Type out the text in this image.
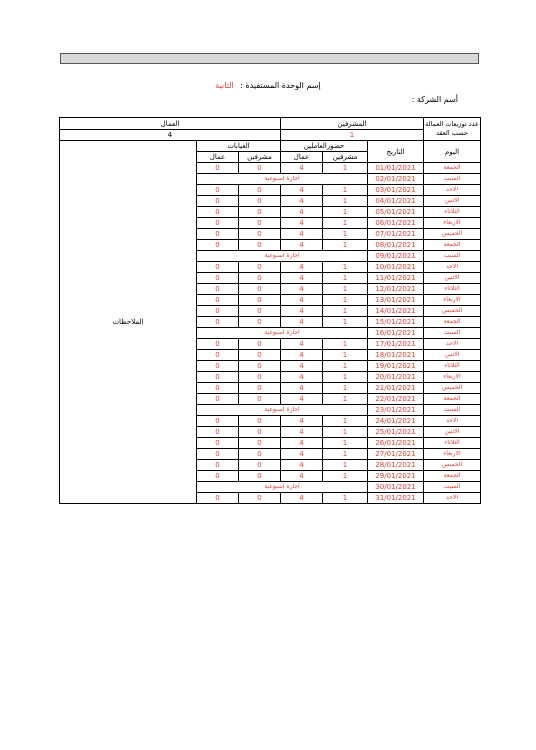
إسم الوحدة المستفيدة : الثانية
أسم الشركة :
عدد توزيعات العمالة
حسب العقد	المشرفين			العمال		
	1			4		
اليوم	التاريخ	حضورالعاملين		الغيابات		الملاحظات
		مشرفين	عمال	مشرفين	عمال	
الجمعة	01/01/2021	1	4	0	0	
السبت	02/01/2021	اجازة اسبوعية				
الاحد	03/01/2021	1	4	0	0	
الاثنين	04/01/2021	1	4	0	0	
الثلاثاء	05/01/2021	1	4	0	0	
الاربعاء	06/01/2021	1	4	0	0	
الخميس	07/01/2021	1	4	0	0	
الجمعة	08/01/2021	1	4	0	0	
السبت	09/01/2021	اجازة اسبوعية				
الاحد	10/01/2021	1	4	0	0	
الاثنين	11/01/2021	1	4	0	0	
الثلاثاء	12/01/2021	1	4	0	0	
الاربعاء	13/01/2021	1	4	0	0	
الخميس	14/01/2021	1	4	0	0	
الجمعة	15/01/2021	1	4	0	0	
السبت	16/01/2021	اجازة اسبوعية				
الاحد	17/01/2021	1	4	0	0	
الاثنين	18/01/2021	1	4	0	0	
الثلاثاء	19/01/2021	1	4	0	0	
الاربعاء	20/01/2021	1	4	0	0	
الخميس	21/01/2021	1	4	0	0	
الجمعة	22/01/2021	1	4	0	0	
السبت	23/01/2021	اجازة اسبوعية				
الاحد	24/01/2021	1	4	0	0	
الاثنين	25/01/2021	1	4	0	0	
الثلاثاء	26/01/2021	1	4	0	0	
الاربعاء	27/01/2021	1	4	0	0	
الخميس	28/01/2021	1	4	0	0	
الجمعة	29/01/2021	1	4	0	0	
السبت	30/01/2021	اجازة اسبوعية				
الاحد	31/01/2021	1	4	0	0	
